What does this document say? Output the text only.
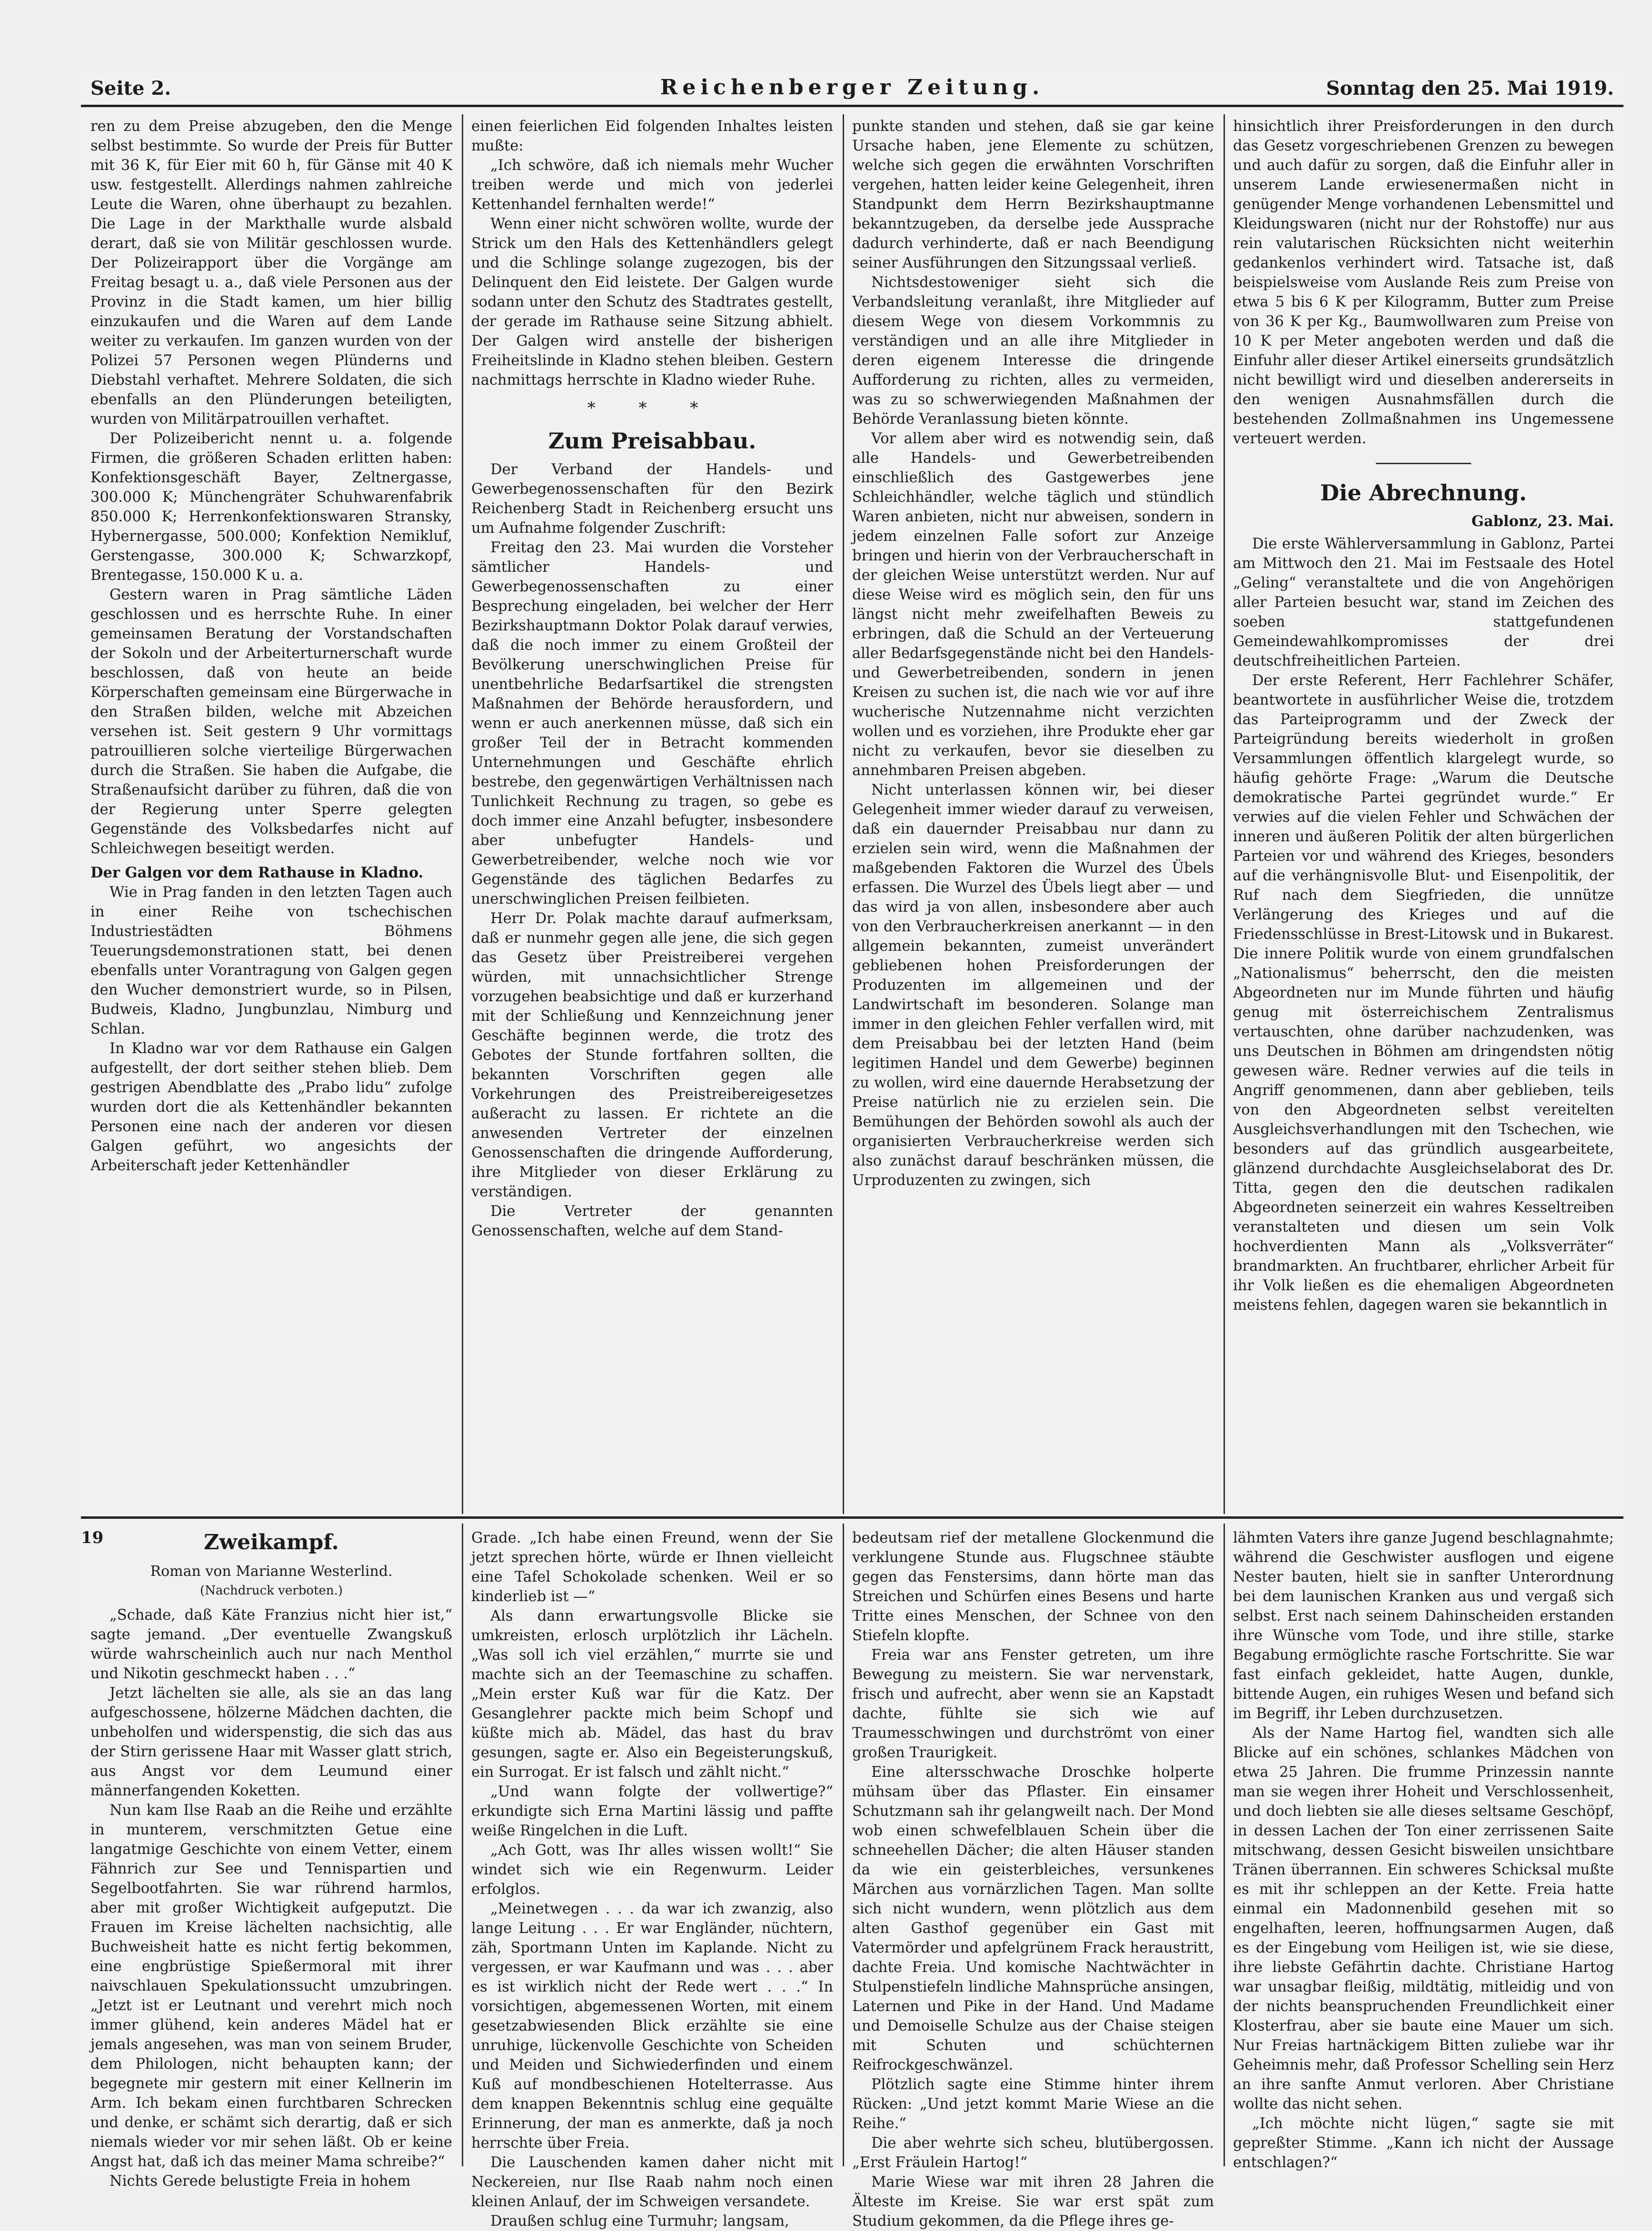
Seite 2.	Reichenberger Zeitung.	Sonntag den 25. Mai 1919.

ren zu dem Preise abzugeben, den die Menge selbst bestimmte. So wurde der Preis für Butter mit 36 K, für Eier mit 60 h, für Gänse mit 40 K usw. festgestellt. Allerdings nahmen zahlreiche Leute die Waren, ohne überhaupt zu bezahlen. Die Lage in der Markthalle wurde alsbald derart, daß sie von Militär geschlossen wurde. Der Polizeirapport über die Vorgänge am Freitag besagt u. a., daß viele Personen aus der Provinz in die Stadt kamen, um hier billig einzukaufen und die Waren auf dem Lande weiter zu verkaufen. Im ganzen wurden von der Polizei 57 Personen wegen Plünderns und Diebstahl verhaftet. Mehrere Soldaten, die sich ebenfalls an den Plünderungen beteiligten, wurden von Militärpatrouillen verhaftet.

Der Polizeibericht nennt u. a. folgende Firmen, die größeren Schaden erlitten haben: Konfektionsgeschäft Bayer, Zeltnergasse, 300.000 K; Münchengräter Schuhwarenfabrik 850.000 K; Herrenkonfektionswaren Stransky, Hybernergasse, 500.000; Konfektion Nemikluf, Gerstengasse, 300.000 K; Schwarzkopf, Brentegasse, 150.000 K u. a.

Gestern waren in Prag sämtliche Läden geschlossen und es herrschte Ruhe. In einer gemeinsamen Beratung der Vorstandschaften der Sokoln und der Arbeiterturnerschaft wurde beschlossen, daß von heute an beide Körperschaften gemeinsam eine Bürgerwache in den Straßen bilden, welche mit Abzeichen versehen ist. Seit gestern 9 Uhr vormittags patrouillieren solche vierteilige Bürgerwachen durch die Straßen. Sie haben die Aufgabe, die Straßenaufsicht darüber zu führen, daß die von der Regierung unter Sperre gelegten Gegenstände des Volksbedarfes nicht auf Schleichwegen beseitigt werden.

Der Galgen vor dem Rathause in Kladno.

Wie in Prag fanden in den letzten Tagen auch in einer Reihe von tschechischen Industriestädten Böhmens Teuerungsdemonstrationen statt, bei denen ebenfalls unter Vorantragung von Galgen gegen den Wucher demonstriert wurde, so in Pilsen, Budweis, Kladno, Jungbunzlau, Nimburg und Schlan.

In Kladno war vor dem Rathause ein Galgen aufgestellt, der dort seither stehen blieb. Dem gestrigen Abendblatte des „Prabo lidu“ zufolge wurden dort die als Kettenhändler bekannten Personen eine nach der anderen vor diesen Galgen geführt, wo angesichts der Arbeiterschaft jeder Kettenhändler

einen feierlichen Eid folgenden Inhaltes leisten mußte:

„Ich schwöre, daß ich niemals mehr Wucher treiben werde und mich von jederlei Kettenhandel fernhalten werde!“

Wenn einer nicht schwören wollte, wurde der Strick um den Hals des Kettenhändlers gelegt und die Schlinge solange zugezogen, bis der Delinquent den Eid leistete. Der Galgen wurde sodann unter den Schutz des Stadtrates gestellt, der gerade im Rathause seine Sitzung abhielt. Der Galgen wird anstelle der bisherigen Freiheitslinde in Kladno stehen bleiben. Gestern nachmittags herrschte in Kladno wieder Ruhe.

* * *
Zum Preisabbau.

Der Verband der Handels- und Gewerbegenossenschaften für den Bezirk Reichenberg Stadt in Reichenberg ersucht uns um Aufnahme folgender Zuschrift:

Freitag den 23. Mai wurden die Vorsteher sämtlicher Handels- und Gewerbegenossenschaften zu einer Besprechung eingeladen, bei welcher der Herr Bezirkshauptmann Doktor Polak darauf verwies, daß die noch immer zu einem Großteil der Bevölkerung unerschwinglichen Preise für unentbehrliche Bedarfsartikel die strengsten Maßnahmen der Behörde herausfordern, und wenn er auch anerkennen müsse, daß sich ein großer Teil der in Betracht kommenden Unternehmungen und Geschäfte ehrlich bestrebe, den gegenwärtigen Verhältnissen nach Tunlichkeit Rechnung zu tragen, so gebe es doch immer eine Anzahl befugter, insbesondere aber unbefugter Handels- und Gewerbetreibender, welche noch wie vor Gegenstände des täglichen Bedarfes zu unerschwinglichen Preisen feilbieten.

Herr Dr. Polak machte darauf aufmerksam, daß er nunmehr gegen alle jene, die sich gegen das Gesetz über Preistreiberei vergehen würden, mit unnachsichtlicher Strenge vorzugehen beabsichtige und daß er kurzerhand mit der Schließung und Kennzeichnung jener Geschäfte beginnen werde, die trotz des Gebotes der Stunde fortfahren sollten, die bekannten Vorschriften gegen alle Vorkehrungen des Preistreibereigesetzes außeracht zu lassen. Er richtete an die anwesenden Vertreter der einzelnen Genossenschaften die dringende Aufforderung, ihre Mitglieder von dieser Erklärung zu verständigen.

Die Vertreter der genannten Genossenschaften, welche auf dem Stand-

punkte standen und stehen, daß sie gar keine Ursache haben, jene Elemente zu schützen, welche sich gegen die erwähnten Vorschriften vergehen, hatten leider keine Gelegenheit, ihren Standpunkt dem Herrn Bezirkshauptmanne bekanntzugeben, da derselbe jede Aussprache dadurch verhinderte, daß er nach Beendigung seiner Ausführungen den Sitzungssaal verließ.

Nichtsdestoweniger sieht sich die Verbandsleitung veranlaßt, ihre Mitglieder auf diesem Wege von diesem Vorkommnis zu verständigen und an alle ihre Mitglieder in deren eigenem Interesse die dringende Aufforderung zu richten, alles zu vermeiden, was zu so schwerwiegenden Maßnahmen der Behörde Veranlassung bieten könnte.

Vor allem aber wird es notwendig sein, daß alle Handels- und Gewerbetreibenden einschließlich des Gastgewerbes jene Schleichhändler, welche täglich und stündlich Waren anbieten, nicht nur abweisen, sondern in jedem einzelnen Falle sofort zur Anzeige bringen und hierin von der Verbraucherschaft in der gleichen Weise unterstützt werden. Nur auf diese Weise wird es möglich sein, den für uns längst nicht mehr zweifelhaften Beweis zu erbringen, daß die Schuld an der Verteuerung aller Bedarfsgegenstände nicht bei den Handels- und Gewerbetreibenden, sondern in jenen Kreisen zu suchen ist, die nach wie vor auf ihre wucherische Nutzennahme nicht verzichten wollen und es vorziehen, ihre Produkte eher gar nicht zu verkaufen, bevor sie dieselben zu annehmbaren Preisen abgeben.

Nicht unterlassen können wir, bei dieser Gelegenheit immer wieder darauf zu verweisen, daß ein dauernder Preisabbau nur dann zu erzielen sein wird, wenn die Maßnahmen der maßgebenden Faktoren die Wurzel des Übels erfassen. Die Wurzel des Übels liegt aber — und das wird ja von allen, insbesondere aber auch von den Verbraucherkreisen anerkannt — in den allgemein bekannten, zumeist unverändert gebliebenen hohen Preisforderungen der Produzenten im allgemeinen und der Landwirtschaft im besonderen. Solange man immer in den gleichen Fehler verfallen wird, mit dem Preisabbau bei der letzten Hand (beim legitimen Handel und dem Gewerbe) beginnen zu wollen, wird eine dauernde Herabsetzung der Preise natürlich nie zu erzielen sein. Die Bemühungen der Behörden sowohl als auch der organisierten Verbraucherkreise werden sich also zunächst darauf beschränken müssen, die Urproduzenten zu zwingen, sich

hinsichtlich ihrer Preisforderungen in den durch das Gesetz vorgeschriebenen Grenzen zu bewegen und auch dafür zu sorgen, daß die Einfuhr aller in unserem Lande erwiesenermaßen nicht in genügender Menge vorhandenen Lebensmittel und Kleidungswaren (nicht nur der Rohstoffe) nur aus rein valutarischen Rücksichten nicht weiterhin gedankenlos verhindert wird. Tatsache ist, daß beispielsweise vom Auslande Reis zum Preise von etwa 5 bis 6 K per Kilogramm, Butter zum Preise von 36 K per Kg., Baumwollwaren zum Preise von 10 K per Meter angeboten werden und daß die Einfuhr aller dieser Artikel einerseits grundsätzlich nicht bewilligt wird und dieselben andererseits in den wenigen Ausnahmsfällen durch die bestehenden Zollmaßnahmen ins Ungemessene verteuert werden.

Die Abrechnung.
Gablonz, 23. Mai.

Die erste Wählerversammlung in Gablonz, Partei am Mittwoch den 21. Mai im Festsaale des Hotel „Geling“ veranstaltete und die von Angehörigen aller Parteien besucht war, stand im Zeichen des soeben stattgefundenen Gemeindewahlkompromisses der drei deutschfreiheitlichen Parteien.

Der erste Referent, Herr Fachlehrer Schäfer, beantwortete in ausführlicher Weise die, trotzdem das Parteiprogramm und der Zweck der Parteigründung bereits wiederholt in großen Versammlungen öffentlich klargelegt wurde, so häufig gehörte Frage: „Warum die Deutsche demokratische Partei gegründet wurde.“ Er verwies auf die vielen Fehler und Schwächen der inneren und äußeren Politik der alten bürgerlichen Parteien vor und während des Krieges, besonders auf die verhängnisvolle Blut- und Eisenpolitik, der Ruf nach dem Siegfrieden, die unnütze Verlängerung des Krieges und auf die Friedensschlüsse in Brest-Litowsk und in Bukarest. Die innere Politik wurde von einem grundfalschen „Nationalismus“ beherrscht, den die meisten Abgeordneten nur im Munde führten und häufig genug mit österreichischem Zentralismus vertauschten, ohne darüber nachzudenken, was uns Deutschen in Böhmen am dringendsten nötig gewesen wäre. Redner verwies auf die teils in Angriff genommenen, dann aber geblieben, teils von den Abgeordneten selbst vereitelten Ausgleichsverhandlungen mit den Tschechen, wie besonders auf das gründlich ausgearbeitete, glänzend durchdachte Ausgleichselaborat des Dr. Titta, gegen den die deutschen radikalen Abgeordneten seinerzeit ein wahres Kesseltreiben veranstalteten und diesen um sein Volk hochverdienten Mann als „Volksverräter“ brandmarkten. An fruchtbarer, ehrlicher Arbeit für ihr Volk ließen es die ehemaligen Abgeordneten meistens fehlen, dagegen waren sie bekanntlich in

19	Zweikampf.
Roman von Marianne Westerlind.
(Nachdruck verboten.)

„Schade, daß Käte Franzius nicht hier ist,“ sagte jemand. „Der eventuelle Zwangskuß würde wahrscheinlich auch nur nach Menthol und Nikotin geschmeckt haben . . .“

Jetzt lächelten sie alle, als sie an das lang aufgeschossene, hölzerne Mädchen dachten, die unbeholfen und widerspenstig, die sich das aus der Stirn gerissene Haar mit Wasser glatt strich, aus Angst vor dem Leumund einer männerfangenden Koketten.

Nun kam Ilse Raab an die Reihe und erzählte in munterem, verschmitzten Getue eine langatmige Geschichte von einem Vetter, einem Fähnrich zur See und Tennispartien und Segelbootfahrten. Sie war rührend harmlos, aber mit großer Wichtigkeit aufgeputzt. Die Frauen im Kreise lächelten nachsichtig, alle Buchweisheit hatte es nicht fertig bekommen, eine engbrüstige Spießermoral mit ihrer naivschlauen Spekulationssucht umzubringen. „Jetzt ist er Leutnant und verehrt mich noch immer glühend, kein anderes Mädel hat er jemals angesehen, was man von seinem Bruder, dem Philologen, nicht behaupten kann; der begegnete mir gestern mit einer Kellnerin im Arm. Ich bekam einen furchtbaren Schrecken und denke, er schämt sich derartig, daß er sich niemals wieder vor mir sehen läßt. Ob er keine Angst hat, daß ich das meiner Mama schreibe?“

Nichts Gerede belustigte Freia in hohem

Grade. „Ich habe einen Freund, wenn der Sie jetzt sprechen hörte, würde er Ihnen vielleicht eine Tafel Schokolade schenken. Weil er so kinderlieb ist —“

Als dann erwartungsvolle Blicke sie umkreisten, erlosch urplötzlich ihr Lächeln. „Was soll ich viel erzählen,“ murrte sie und machte sich an der Teemaschine zu schaffen. „Mein erster Kuß war für die Katz. Der Gesanglehrer packte mich beim Schopf und küßte mich ab. Mädel, das hast du brav gesungen, sagte er. Also ein Begeisterungskuß, ein Surrogat. Er ist falsch und zählt nicht.“

„Und wann folgte der vollwertige?“ erkundigte sich Erna Martini lässig und paffte weiße Ringelchen in die Luft.

„Ach Gott, was Ihr alles wissen wollt!“ Sie windet sich wie ein Regenwurm. Leider erfolglos.

„Meinetwegen . . . da war ich zwanzig, also lange Leitung . . . Er war Engländer, nüchtern, zäh, Sportmann Unten im Kaplande. Nicht zu vergessen, er war Kaufmann und was . . . aber es ist wirklich nicht der Rede wert . . .“ In vorsichtigen, abgemessenen Worten, mit einem gesetzabwiesenden Blick erzählte sie eine unruhige, lückenvolle Geschichte von Scheiden und Meiden und Sichwiederfinden und einem Kuß auf mondbeschienen Hotelterrasse. Aus dem knappen Bekenntnis schlug eine gequälte Erinnerung, der man es anmerkte, daß ja noch herrschte über Freia.

Die Lauschenden kamen daher nicht mit Neckereien, nur Ilse Raab nahm noch einen kleinen Anlauf, der im Schweigen versandete.

Draußen schlug eine Turmuhr; langsam,

bedeutsam rief der metallene Glockenmund die verklungene Stunde aus. Flugschnee stäubte gegen das Fenstersims, dann hörte man das Streichen und Schürfen eines Besens und harte Tritte eines Menschen, der Schnee von den Stiefeln klopfte.

Freia war ans Fenster getreten, um ihre Bewegung zu meistern. Sie war nervenstark, frisch und aufrecht, aber wenn sie an Kapstadt dachte, fühlte sie sich wie auf Traumesschwingen und durchströmt von einer großen Traurigkeit.

Eine altersschwache Droschke holperte mühsam über das Pflaster. Ein einsamer Schutzmann sah ihr gelangweilt nach. Der Mond wob einen schwefelblauen Schein über die schneehellen Dächer; die alten Häuser standen da wie ein geisterbleiches, versunkenes Märchen aus vornärzlichen Tagen. Man sollte sich nicht wundern, wenn plötzlich aus dem alten Gasthof gegenüber ein Gast mit Vatermörder und apfelgrünem Frack heraustritt, dachte Freia. Und komische Nachtwächter in Stulpenstiefeln lindliche Mahnsprüche ansingen, Laternen und Pike in der Hand. Und Madame und Demoiselle Schulze aus der Chaise steigen mit Schuten und schüchternen Reifrockgeschwänzel.

Plötzlich sagte eine Stimme hinter ihrem Rücken: „Und jetzt kommt Marie Wiese an die Reihe.“

Die aber wehrte sich scheu, blutübergossen. „Erst Fräulein Hartog!“

Marie Wiese war mit ihren 28 Jahren die Älteste im Kreise. Sie war erst spät zum Studium gekommen, da die Pflege ihres ge-

lähmten Vaters ihre ganze Jugend beschlagnahmte; während die Geschwister ausflogen und eigene Nester bauten, hielt sie in sanfter Unterordnung bei dem launischen Kranken aus und vergaß sich selbst. Erst nach seinem Dahinscheiden erstanden ihre Wünsche vom Tode, und ihre stille, starke Begabung ermöglichte rasche Fortschritte. Sie war fast einfach gekleidet, hatte Augen, dunkle, bittende Augen, ein ruhiges Wesen und befand sich im Begriff, ihr Leben durchzusetzen.

Als der Name Hartog fiel, wandten sich alle Blicke auf ein schönes, schlankes Mädchen von etwa 25 Jahren. Die frumme Prinzessin nannte man sie wegen ihrer Hoheit und Verschlossenheit, und doch liebten sie alle dieses seltsame Geschöpf, in dessen Lachen der Ton einer zerrissenen Saite mitschwang, dessen Gesicht bisweilen unsichtbare Tränen überrannen. Ein schweres Schicksal mußte es mit ihr schleppen an der Kette. Freia hatte einmal ein Madonnenbild gesehen mit so engelhaften, leeren, hoffnungsarmen Augen, daß es der Eingebung vom Heiligen ist, wie sie diese, ihre liebste Gefährtin dachte. Christiane Hartog war unsagbar fleißig, mildtätig, mitleidig und von der nichts beanspruchenden Freundlichkeit einer Klosterfrau, aber sie baute eine Mauer um sich. Nur Freias hartnäckigem Bitten zuliebe war ihr Geheimnis mehr, daß Professor Schelling sein Herz an ihre sanfte Anmut verloren. Aber Christiane wollte das nicht sehen.

„Ich möchte nicht lügen,“ sagte sie mit gepreßter Stimme. „Kann ich nicht der Aussage entschlagen?“
